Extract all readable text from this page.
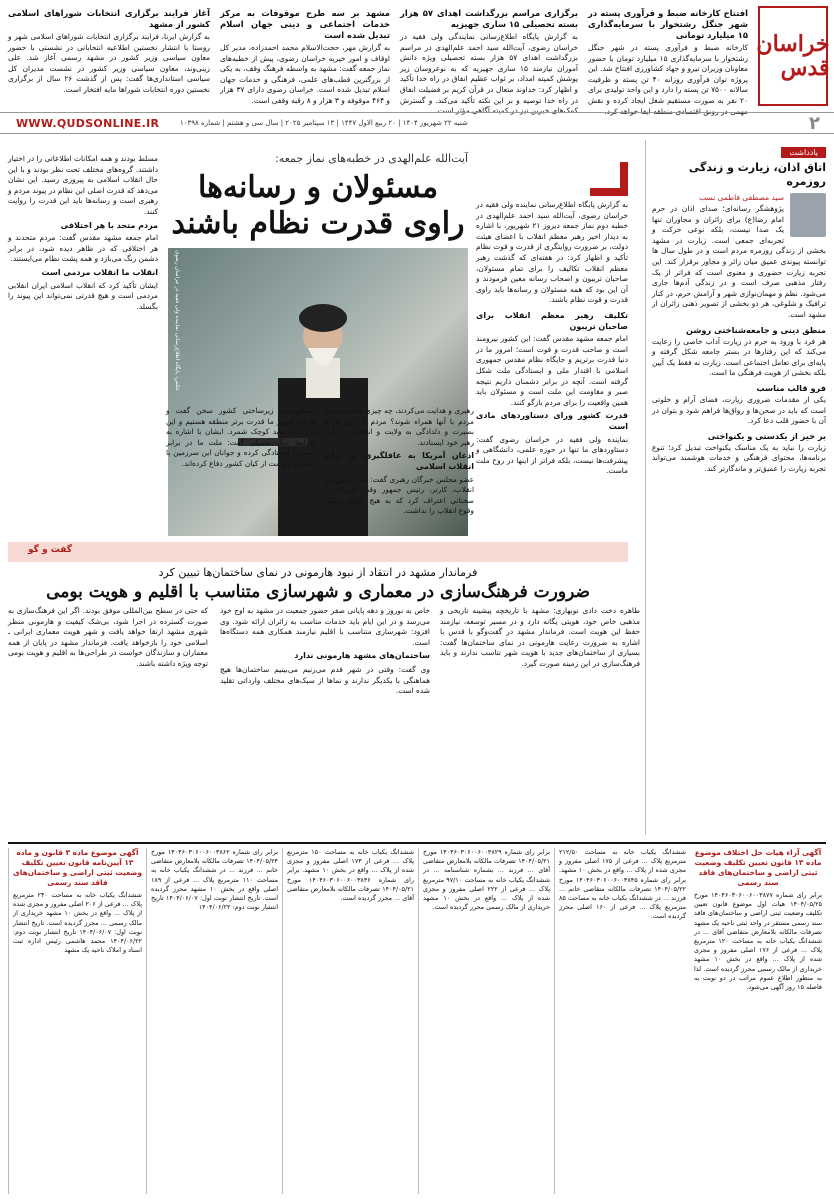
خراسان قدس
افتتاح کارخانه ضبط و فرآوری پسته در شهر جنگل رشتخوار با سرمایه‌گذاری ۱۵ میلیارد تومانی
کارخانه ضبط و فرآوری پسته در شهر جنگل رشتخوار با سرمایه‌گذاری ۱۵ میلیارد تومان با حضور معاونان وزیران نیرو و جهاد کشاورزی افتتاح شد. این پروژه توان فرآوری روزانه ۴۰ تن پسته و ظرفیت سالانه ۷۵۰۰ تن پسته را دارد و این واحد تولیدی برای ۲۰ نفر به صورت مستقیم شغل ایجاد کرده و نقش مهمی در رونق اقتصادی منطقه ایفا خواهد کرد.
برگزاری مراسم بزرگداشت اهدای ۵۷ هزار بسته تحصیلی ۱۵ ساری جهیزیه
به گزارش پایگاه اطلاع‌رسانی نمایندگی ولی فقیه در خراسان رضوی، آیت‌الله سید احمد علم‌الهدی در مراسم بزرگداشت اهدای ۵۷ هزار بسته تحصیلی ویژه دانش آموزان نیازمند ۱۵ ساری جهیزیه که به نوعروسان زیر پوشش کمیته امداد، بر ثواب عظیم انفاق در راه خدا تأکید و اظهار کرد: خداوند متعال در قرآن کریم بر فضیلت انفاق در راه خدا توصیه و بر این نکته تأکید می‌کند. و گسترش کمک‌های خیرین نیز در کمیته آگاهی مؤثر است.
مشهد بر سه طرح موقوفات به مرکز خدمات اجتماعی و دینی جهان اسلام تبدیل شده است
به گزارش مهر، حجت‌الاسلام محمد احمدزاده، مدیر کل اوقاف و امور خیریه خراسان رضوی، پیش از خطبه‌های نماز جمعه گفت: مشهد به واسطه فرهنگ وقف، به یکی از بزرگترین قطب‌های علمی، فرهنگی و خدمات جهان اسلام تبدیل شده است. خراسان رضوی دارای ۳۷ هزار و ۴۶۴ موقوفه و ۳ هزار و ۸ رقبه وقفی است.
آغاز فرایند برگزاری انتخابات شوراهای اسلامی کشور از مشهد
به گزارش ایرنا، فرایند برگزاری انتخابات شوراهای اسلامی شهر و روستا با انتشار نخستین اطلاعیه انتخاباتی در نشستی با حضور معاون سیاسی وزیر کشور در مشهد رسمی آغاز شد. علی زینی‌وند، معاون سیاسی وزیر کشور در نشست مدیران کل سیاسی استانداری‌ها گفت: پس از گذشت ۲۶ سال از برگزاری نخستین دوره انتخابات شوراها مایه افتخار است.
۲
شنبه ۲۲ شهریور ۱۴۰۴ | ۲۰ ربیع الاول ۱۴۴۷ | ۱۳ سپتامبر ۲۰۲۵ | سال سی و هشتم | شماره ۱۰۳۹۸
WWW.QUDSONLINE.IR
یادداشت
اتاق اذان، زیارت و زندگی روزمره
سید مصطفی فاطمی نسب

پژوهشگر رسانه‌ای؛ صدای اذان در حرم امام رضا(ع) برای زائران و مجاوران تنها یک صدا نیست، بلکه نوعی حرکت و تجربه‌ای جمعی است. زیارت در مشهد بخشی از زندگی روزمره مردم است و در طول سال ها توانسته پیوندی عمیق میان زائر و مجاور برقرار کند. این تجربه زیارت حضوری و معنوی است که فراتر از یک رفتار مذهبی صرف است و در زندگی آدم‌ها جاری می‌شود. نظم و مهمان‌نوازی شهر و آرامش حرم، در کنار ترافیک و شلوغی، هر دو بخشی از تصویر ذهنی زائران از مشهد است.

منطق دینی و جامعه‌شناختی روشن

هر فرد با ورود به حرم در زیارت آداب خاصی را رعایت می‌کند که این رفتارها در بستر جامعه شکل گرفته و پایه‌ای برای تعامل اجتماعی است. زیارت نه فقط یک آیین بلکه بخشی از هویت فرهنگی ما است.

فرو قالب مناسب

یکی از مقدمات ضروری زیارت، فضای آرام و خلوتی است که باید در صحن‌ها و رواق‌ها فراهم شود و بتوان در آن با حضور قلب دعا کرد.

بر خیز از یکدستی و یکنواختی

زیارت را نباید به یک مناسک یکنواخت تبدیل کرد؛ تنوع برنامه‌ها، محتوای فرهنگی و خدمات هوشمند می‌تواند تجربه زیارت را عمیق‌تر و ماندگارتر کند.

به گزارش پایگاه اطلاع‌رسانی نماینده ولی فقیه در خراسان رضوی، آیت‌الله سید احمد علم‌الهدی در خطبه دوم نماز جمعه دیروز ۲۱ شهریور، با اشاره به دیدار اخیر رهبر معظم انقلاب با اعضای هیئت دولت، بر ضرورت روایتگری از قدرت و قوت نظام تأکید و اظهار کرد: در هفته‌ای که گذشت رهبر معظم انقلاب تکالیف را برای تمام مسئولان، صاحبان تریبون و اصحاب رسانه معین فرمودند و آن این بود که همه مسئولان و رسانه‌ها باید راوی قدرت و قوت نظام باشند.
آیت‌الله علم‌الهدی در خطبه‌های نماز جمعه:
مسئولان و رسانه‌ها راوی قدرت نظام باشند
عکس: پایگاه اطلاع‌رسانی نماینده ولی فقیه در خراسان رضوی	تکلیف رهبر معظم انقلاب برای صاحبان تریبون
امام جمعه مشهد مقدس گفت: این کشور نیرومند است و صاحب قدرت و قوت است؛ امروز ما در دنیا قدرت برتریم و جایگاه نظام مقدس جمهوری اسلامی با اقتدار ملی و ایستادگی ملت شکل گرفته است. آنچه در برابر دشمنان داریم نتیجه صبر و مقاومت این ملت است و مسئولان باید همین واقعیت را برای مردم بازگو کنند.
قدرت کشور ورای دستاوردهای مادی است
نماینده ولی فقیه در خراسان رضوی گفت: دستاوردهای ما تنها در حوزه علمی، دانشگاهی و پیشرفت‌ها نیست، بلکه فراتر از اینها در روح ملت ماست.
مسلط بودند و همه امکانات اطلاعاتی را در اختیار داشتند. گروه‌های مختلف تحت نظر بودند و با این حال انقلاب اسلامی به پیروزی رسید. این نشان می‌دهد که قدرت اصلی این نظام در پیوند مردم و رهبری است و رسانه‌ها باید این قدرت را روایت کنند.
مردم متحد با هر اختلافی
امام جمعه مشهد مقدس گفت: مردم متحدند و هر اختلافی که در ظاهر دیده شود، در برابر دشمن رنگ می‌بازد و همه پشت نظام می‌ایستند.
انقلاب ما انقلاب مردمی است
ایشان تأکید کرد که انقلاب اسلامی ایران انقلابی مردمی است و هیچ قدرتی نمی‌تواند این پیوند را بگسلد.
گفت و گو
فرماندار مشهد در انتقاد از نبود هارمونی در نمای ساختمان‌ها تبیین کرد
ضرورت فرهنگ‌سازی در معماری و شهرسازی متناسب با اقلیم و هویت بومی
طاهره دخت دادی نوبهاری: مشهد با تاریخچه پیشینه تاریخی و مذهبی خاص خود، هویتی یگانه دارد و در مسیر توسعه، نیازمند حفظ این هویت است. فرماندار مشهد در گفت‌وگو با قدس با اشاره به ضرورت رعایت هارمونی در نمای ساختمان‌ها گفت: بسیاری از ساختمان‌های جدید با هویت شهر تناسب ندارند و باید فرهنگ‌سازی در این زمینه صورت گیرد.
خاص به نوروز و دهه پایانی صفر حضور جمعیت در مشهد به اوج خود می‌رسد و در این ایام باید خدمات مناسب به زائران ارائه شود. وی افزود: شهرسازی متناسب با اقلیم نیازمند همکاری همه دستگاه‌ها است.
ساختمان‌های مشهد هارمونی ندارد
وی گفت: وقتی در شهر قدم می‌زنیم می‌بینیم ساختمان‌ها هیچ هماهنگی با یکدیگر ندارند و نماها از سبک‌های مختلف وارداتی تقلید شده است.
که حتی در سطح بین‌المللی موفق بودند. اگر این فرهنگ‌سازی به صورت گسترده در اجرا شود، بی‌شک کیفیت و هارمونی منظر شهری مشهد ارتقا خواهد یافت و شهر هویت معماری ایرانی ـ اسلامی خود را بازخواهد یافت. فرماندار مشهد در پایان از همه معماران و سازندگان خواست در طراحی‌ها به اقلیم و هویت بومی توجه ویژه داشته باشند.
آگهی آراء هیات حل اختلاف موضوع ماده ۱۳ قانون تعیین تکلیف وضعیت ثبتی اراضی و ساختمان‌های فاقد سند رسمی
برابر رای شماره ۱۴۰۴۶۰۳۰۶۰۰۶۰۰۳۸۷۷ مورخ ۱۴۰۴/۰۵/۲۵ هیات اول موضوع قانون تعیین تکلیف وضعیت ثبتی اراضی و ساختمان‌های فاقد سند رسمی مستقر در واحد ثبتی ناحیه یک مشهد تصرفات مالکانه بلامعارض متقاضی آقای ... در ششدانگ یکباب خانه به مساحت ۱۲۰ مترمربع پلاک ... فرعی از ۱۷۶ اصلی مفروز و مجزی شده از پلاک ... واقع در بخش ۱۰ مشهد خریداری از مالک رسمی محرز گردیده است. لذا به منظور اطلاع عموم مراتب در دو نوبت به فاصله ۱۵ روز آگهی می‌شود.
ششدانگ یکباب خانه به مساحت ۲۱۲/۵۰ مترمربع پلاک ... فرعی از ۱۷۵ اصلی مفروز و مجزی شده از پلاک ... واقع در بخش ۱۰ مشهد. برابر رای شماره ۱۴۰۴۶۰۳۰۶۰۰۶۰۰۳۸۴۵ مورخ ۱۴۰۴/۰۵/۲۲ تصرفات مالکانه متقاضی خانم ... فرزند ... در ششدانگ یکباب خانه به مساحت ۸۵ مترمربع پلاک ... فرعی از ۱۶۰ اصلی محرز گردیده است.
برابر رای شماره ۱۴۰۴۶۰۳۰۶۰۰۶۰۰۳۸۲۹ مورخ ۱۴۰۴/۰۵/۲۱ تصرفات مالکانه بلامعارض متقاضی آقای ... فرزند ... بشماره شناسنامه ... در ششدانگ یکباب خانه به مساحت ۹۷/۱۰ مترمربع پلاک ... فرعی از ۲۲۲ اصلی مفروز و مجزی شده از پلاک ... واقع در بخش ۱۰ مشهد خریداری از مالک رسمی محرز گردیده است.
ششدانگ یکباب خانه به مساحت ۱۵۰ مترمربع پلاک ... فرعی از ۱۷۳ اصلی مفروز و مجزی شده از پلاک ... واقع در بخش ۱۰ مشهد. برابر رای شماره ۱۴۰۴۶۰۳۰۶۰۰۶۰۰۳۸۳۶ مورخ ۱۴۰۴/۰۵/۲۱ تصرفات مالکانه بلامعارض متقاضی آقای ... محرز گردیده است.
برابر رای شماره ۱۴۰۴۶۰۳۰۶۰۰۶۰۰۳۸۶۲ مورخ ۱۴۰۴/۰۵/۲۴ تصرفات مالکانه بلامعارض متقاضی خانم ... فرزند ... در ششدانگ یکباب خانه به مساحت ۱۱۰ مترمربع پلاک ... فرعی از ۱۸۹ اصلی واقع در بخش ۱۰ مشهد محرز گردیده است. تاریخ انتشار نوبت اول: ۱۴۰۴/۰۶/۰۷ تاریخ انتشار نوبت دوم: ۱۴۰۴/۰۶/۲۲
آگهی موضوع ماده ۳ قانون و ماده ۱۳ آیین‌نامه قانون تعیین تکلیف وضعیت ثبتی اراضی و ساختمان‌های فاقد سند رسمی
ششدانگ یکباب خانه به مساحت ۲۴۰ مترمربع پلاک ... فرعی از ۲۰۶ اصلی مفروز و مجزی شده از پلاک ... واقع در بخش ۱۰ مشهد خریداری از مالک رسمی ... محرز گردیده است. تاریخ انتشار نوبت اول: ۱۴۰۴/۰۶/۰۷ تاریخ انتشار نوبت دوم: ۱۴۰۴/۰۶/۲۲ محمد هاشمی رئیس اداره ثبت اسناد و املاک ناحیه یک مشهد
دستاوردهای زیرساختی کشور سخن گفت و افزود: امروز ما قدرت برتر منطقه هستیم و این قدرت را نباید کوچک شمرد. ایشان با اشاره به شرایط جنگ تحمیلی گفت: ملت ما در برابر دشمنان ایستادگی کرده و جوانان این سرزمین با ایمان و شهامت از کیان کشور دفاع کرده‌اند.
رهبری و هدایت می‌کردند، چه چیزی باعث می‌شد مردم با آنها همراه شوند؟ مردم آن روز نیز با بصیرت و دلدادگی به ولایت و انقلاب، در کنار رهبر خود ایستادند.
اذعان آمریکا به غافلگیری در برابر انقلاب اسلامی
عضو مجلس خبرگان رهبری گفت: پس از پیروزی انقلاب، کارتر، رئیس جمهور وقت آمریکا، در سخنانی اعتراف کرد که به هیچ عنوان انتظار وقوع انقلاب را نداشت.
